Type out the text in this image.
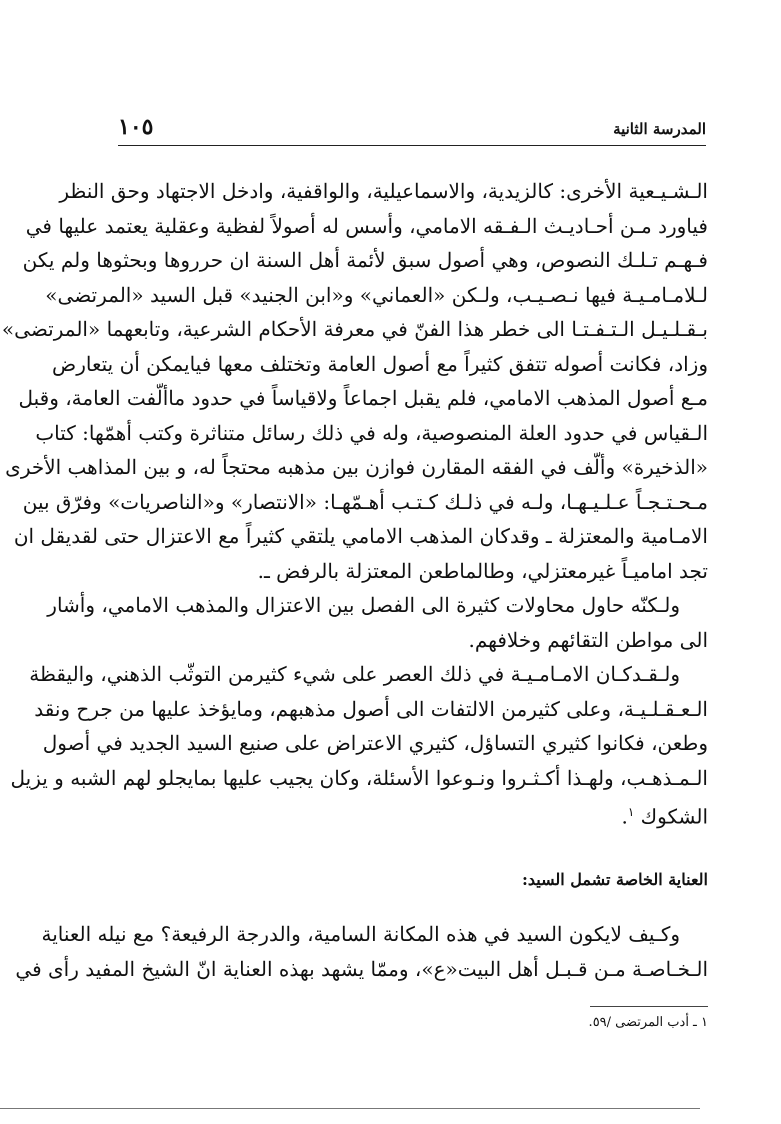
المدرسة الثانية
١٠٥
الـشـيـعية الأخرى: كالزيدية، والاسماعيلية، والواقفية، وادخل الاجتهاد وحق النظر
فياورد مـن أحـاديـث الـفـقه الامامي، وأسس له أصولاً لفظية وعقلية يعتمد عليها في
فـهـم تـلـك النصوص، وهي أصول سبق لأئمة أهل السنة ان حرروها وبحثوها ولم يكن
لـلامـامـيـة فيها نـصـيـب، ولـكن «العماني» و«ابن الجنيد» قبل السيد «المرتضى»
بـقـلـيـل الـتـفـتـا الى خطر هذا الفنّ في معرفة الأحكام الشرعية، وتابعهما «المرتضى»
وزاد، فكانت أصوله تتفق كثيراً مع أصول العامة وتختلف معها فيايمكن أن يتعارض
مـع أصول المذهب الامامي، فلم يقبل اجماعاً ولاقياساً في حدود ماألّفت العامة، وقبل
الـقياس في حدود العلة المنصوصية، وله في ذلك رسائل متناثرة وكتب أهمّها: كتاب
«الذخيرة» وألّف في الفقه المقارن فوازن بين مذهبه محتجاً له، و بين المذاهب الأخرى
مـحـتـجـاً عـلـيـهـا، ولـه في ذلـك كـتـب أهـمّهـا: «الانتصار» و«الناصريات» وفرّق بين
الامـامية والمعتزلة ـ وقدكان المذهب الامامي يلتقي كثيراً مع الاعتزال حتى لقديقل ان
تجد اماميـاً غيرمعتزلي، وطالماطعن المعتزلة بالرفض ـ.
ولـكنّه حاول محاولات كثيرة الى الفصل بين الاعتزال والمذهب الامامي، وأشار
الى مواطن التقائهم وخلافهم.
ولـقـدكـان الامـامـيـة في ذلك العصر على شيء كثيرمن التوثّب الذهني، واليقظة
الـعـقـلـيـة، وعلى كثيرمن الالتفات الى أصول مذهبهم، ومايؤخذ عليها من جرح ونقد
وطعن، فكانوا كثيري التساؤل، كثيري الاعتراض على صنيع السيد الجديد في أصول
الـمـذهـب، ولهـذا أكـثـروا ونـوعوا الأسئلة، وكان يجيب عليها بمايجلو لهم الشبه و يزيل
الشكوك $^١$.
العناية الخاصة تشمل السيد:
وكـيف لايكون السيد في هذه المكانة السامية، والدرجة الرفيعة؟ مع نيله العناية
الـخـاصـة مـن قـبـل أهل البيت«ع»، وممّا يشهد بهذه العناية انّ الشيخ المفيد رأى في
١ ـ أدب المرتضى /٥٩.
